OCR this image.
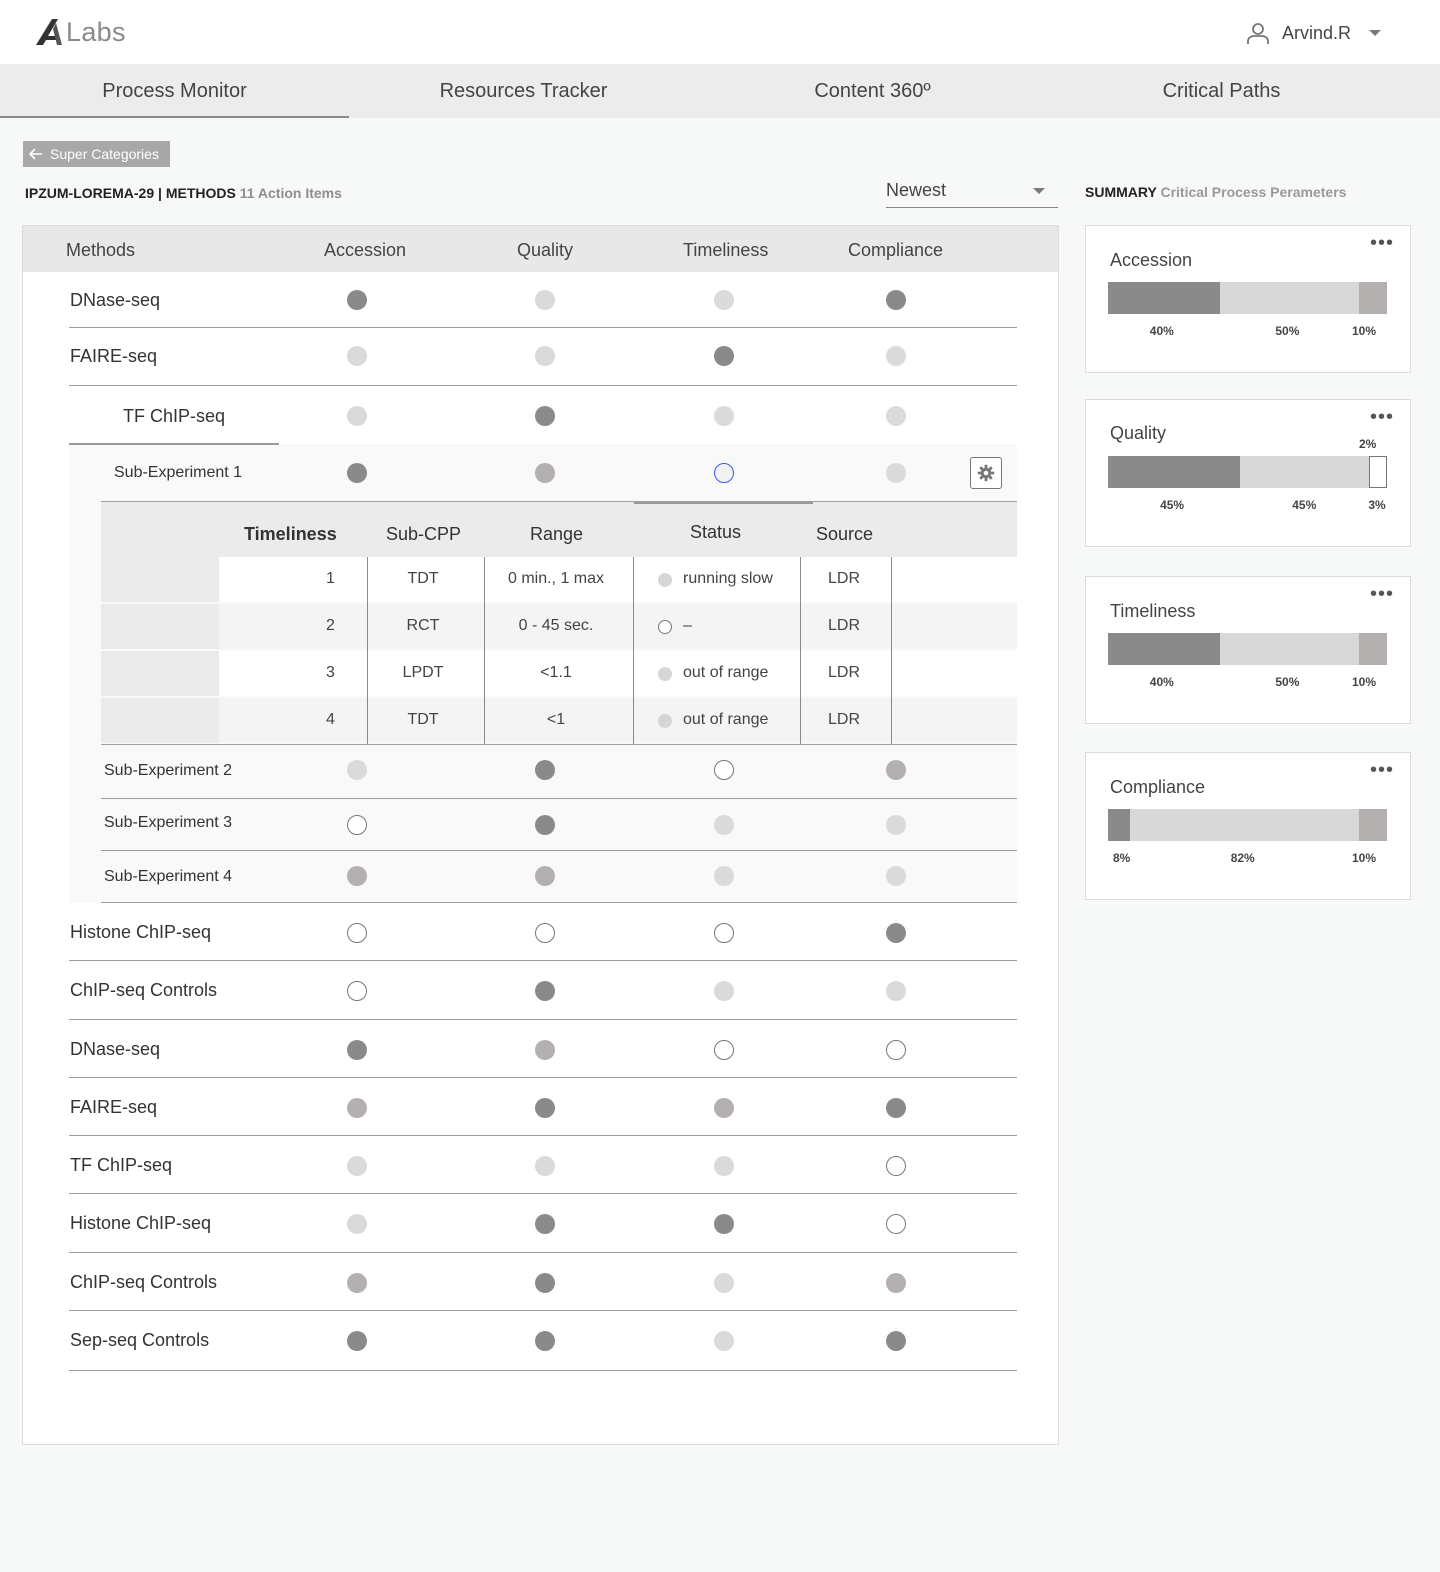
Labs	Arvind.R
Process Monitor	Resources Tracker	Content 360º	Critical Paths
Super Categories
IPZUM-LOREMA-29 | METHODS 11 Action Items	Newest	SUMMARY Critical Process Perameters
Methods	Accession	Quality	Timeliness	Compliance
Timeliness	Sub-CPP	Range	Status	Source
1	TDT	0 min., 1 max	running slow	LDR
2	RCT	0 - 45 sec.	–	LDR
3	LPDT	<1.1	out of range	LDR
4	TDT	<1	out of range	LDR
DNase-seq
FAIRE-seq
TF ChIP-seq
Sub-Experiment 1
Sub-Experiment 2
Sub-Experiment 3
Sub-Experiment 4
Histone ChIP-seq
ChIP-seq Controls
DNase-seq
FAIRE-seq
TF ChIP-seq
Histone ChIP-seq
ChIP-seq Controls
Sep-seq Controls
Accession
•••
40%	50%	10%
Quality
•••
45%	45%	3%
2%
Timeliness
•••
40%	50%	10%
Compliance
•••
8%	82%	10%
